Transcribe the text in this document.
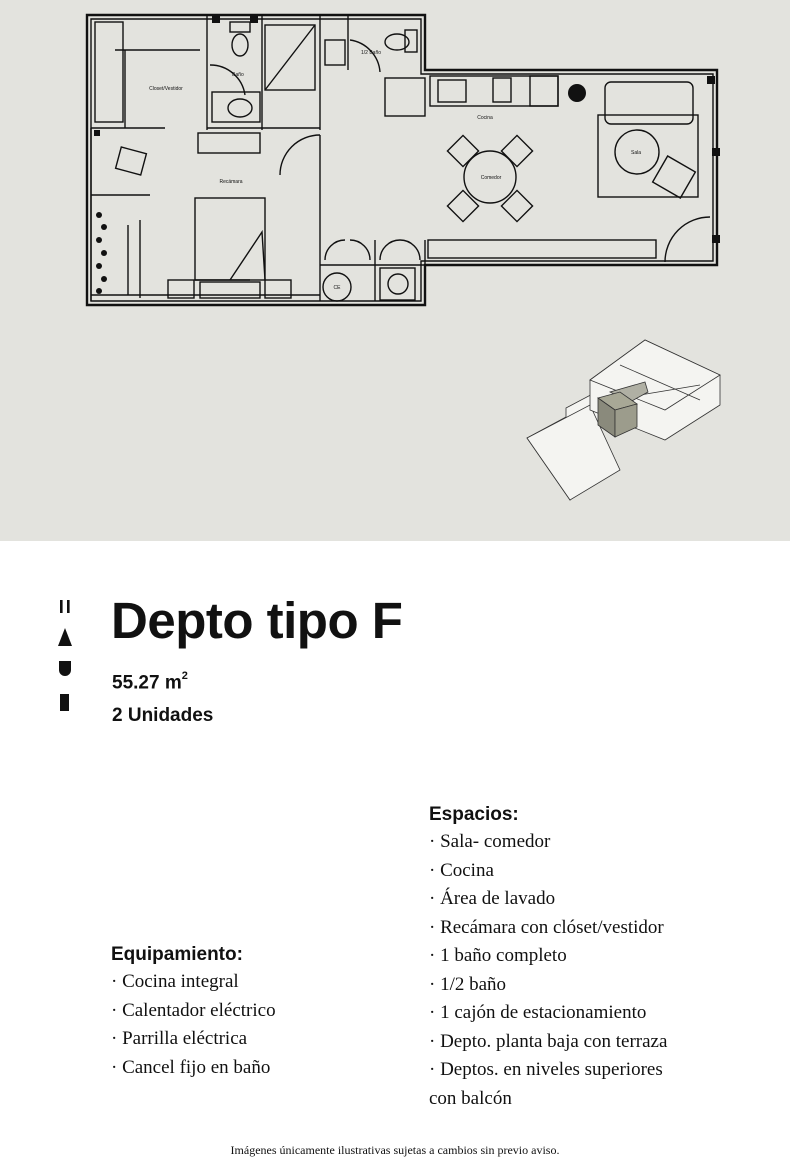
Closet/Vestidor
Baño
1/2 Baño
Cocina
Comedor
Sala
Recámara
CE
Depto tipo F
55.27 $m^2$
2 Unidades
Espacios:
· Sala- comedor
· Cocina
· Área de lavado
· Recámara con clóset/vestidor
· 1 baño completo
· 1/2 baño
· 1 cajón de estacionamiento
· Depto. planta baja con terraza
· Deptos. en niveles superiores
con balcón
Equipamiento:
· Cocina integral
· Calentador eléctrico
· Parrilla eléctrica
· Cancel fijo en baño
Imágenes únicamente ilustrativas sujetas a cambios sin previo aviso.
